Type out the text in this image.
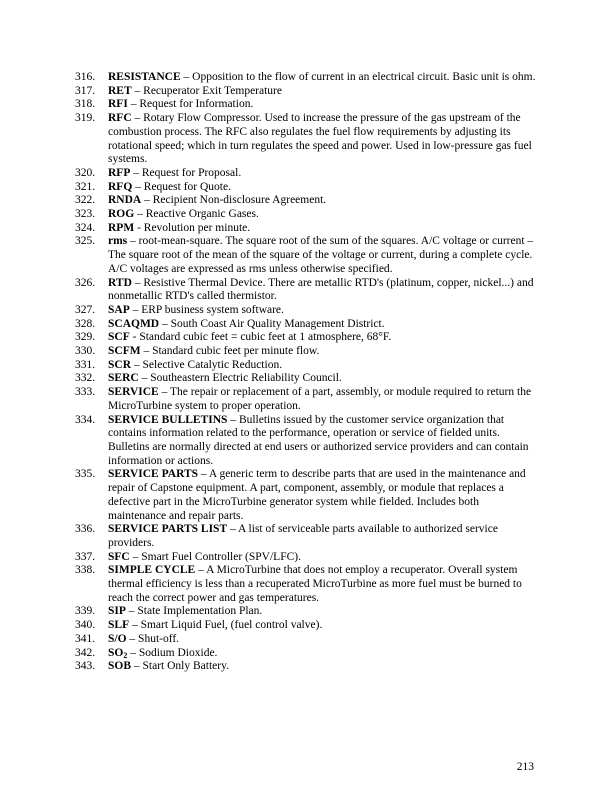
316.	RESISTANCE – Opposition to the flow of current in an electrical circuit. Basic unit is ohm.
317.	RET – Recuperator Exit Temperature
318.	RFI – Request for Information.
319.	RFC – Rotary Flow Compressor. Used to increase the pressure of the gas upstream of the combustion process. The RFC also regulates the fuel flow requirements by adjusting its rotational speed; which in turn regulates the speed and power. Used in low-pressure gas fuel systems.
320.	RFP – Request for Proposal.
321.	RFQ – Request for Quote.
322.	RNDA – Recipient Non-disclosure Agreement.
323.	ROG – Reactive Organic Gases.
324.	RPM - Revolution per minute.
325.	rms – root-mean-square. The square root of the sum of the squares. A/C voltage or current – The square root of the mean of the square of the voltage or current, during a complete cycle. A/C voltages are expressed as rms unless otherwise specified.
326.	RTD – Resistive Thermal Device. There are metallic RTD's (platinum, copper, nickel...) and nonmetallic RTD's called thermistor.
327.	SAP – ERP business system software.
328.	SCAQMD – South Coast Air Quality Management District.
329.	SCF - Standard cubic feet = cubic feet at 1 atmosphere, 68°F.
330.	SCFM – Standard cubic feet per minute flow.
331.	SCR – Selective Catalytic Reduction.
332.	SERC – Southeastern Electric Reliability Council.
333.	SERVICE – The repair or replacement of a part, assembly, or module required to return the MicroTurbine system to proper operation.
334.	SERVICE BULLETINS – Bulletins issued by the customer service organization that contains information related to the performance, operation or service of fielded units. Bulletins are normally directed at end users or authorized service providers and can contain information or actions.
335.	SERVICE PARTS – A generic term to describe parts that are used in the maintenance and repair of Capstone equipment. A part, component, assembly, or module that replaces a defective part in the MicroTurbine generator system while fielded. Includes both maintenance and repair parts.
336.	SERVICE PARTS LIST – A list of serviceable parts available to authorized service providers.
337.	SFC – Smart Fuel Controller (SPV/LFC).
338.	SIMPLE CYCLE – A MicroTurbine that does not employ a recuperator. Overall system thermal efficiency is less than a recuperated MicroTurbine as more fuel must be burned to reach the correct power and gas temperatures.
339.	SIP – State Implementation Plan.
340.	SLF – Smart Liquid Fuel, (fuel control valve).
341.	S/O – Shut-off.
342.	$SO_2$ – Sodium Dioxide.
343.	SOB – Start Only Battery.
213
